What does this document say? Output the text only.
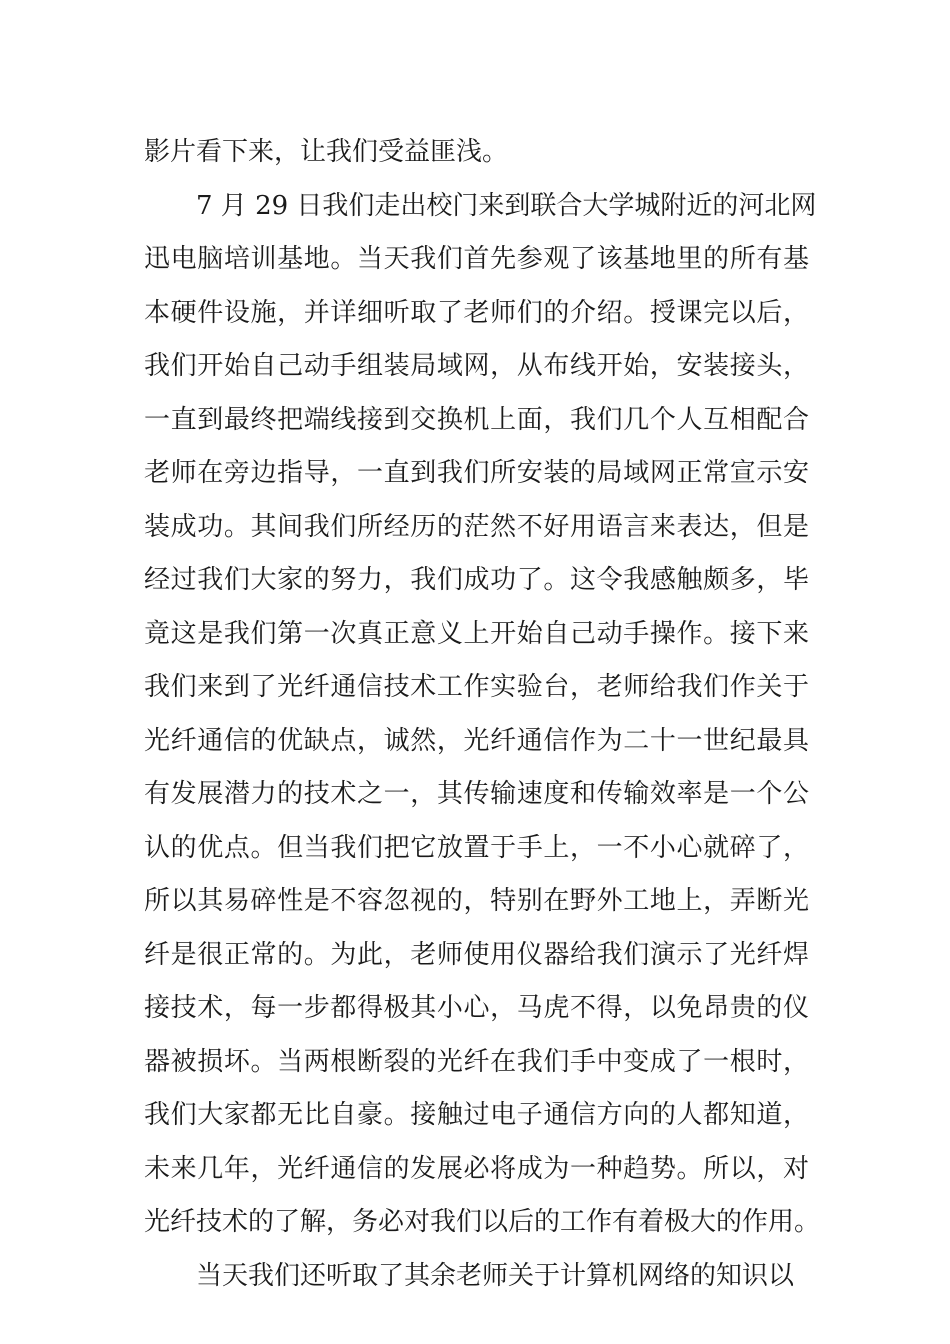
影片看下来，让我们受益匪浅。
7 月 29 日我们走出校门来到联合大学城附近的河北网
迅电脑培训基地。当天我们首先参观了该基地里的所有基
本硬件设施，并详细听取了老师们的介绍。授课完以后，
我们开始自己动手组装局域网，从布线开始，安装接头，
一直到最终把端线接到交换机上面，我们几个人互相配合
老师在旁边指导，一直到我们所安装的局域网正常宣示安
装成功。其间我们所经历的茫然不好用语言来表达，但是
经过我们大家的努力，我们成功了。这令我感触颇多，毕
竟这是我们第一次真正意义上开始自己动手操作。接下来
我们来到了光纤通信技术工作实验台，老师给我们作关于
光纤通信的优缺点，诚然，光纤通信作为二十一世纪最具
有发展潜力的技术之一，其传输速度和传输效率是一个公
认的优点。但当我们把它放置于手上，一不小心就碎了，
所以其易碎性是不容忽视的，特别在野外工地上，弄断光
纤是很正常的。为此，老师使用仪器给我们演示了光纤焊
接技术，每一步都得极其小心，马虎不得，以免昂贵的仪
器被损坏。当两根断裂的光纤在我们手中变成了一根时，
我们大家都无比自豪。接触过电子通信方向的人都知道，
未来几年，光纤通信的发展必将成为一种趋势。所以，对
光纤技术的了解，务必对我们以后的工作有着极大的作用。
当天我们还听取了其余老师关于计算机网络的知识以
